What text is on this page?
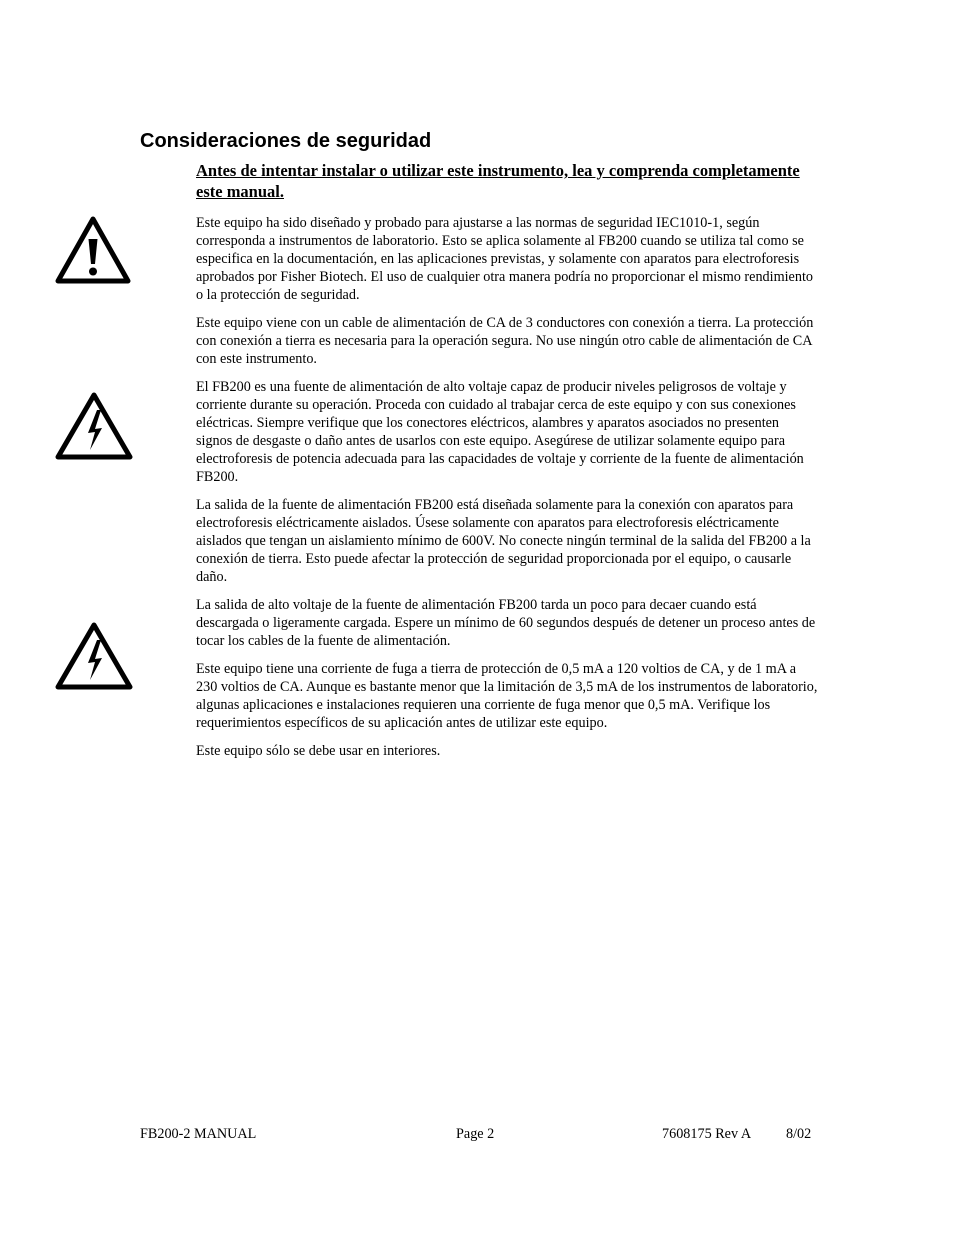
Consideraciones de seguridad

Antes de intentar instalar o utilizar este instrumento, lea y comprenda completamente este manual.

Este equipo ha sido diseñado y probado para ajustarse a las normas de seguridad IEC1010-1, según corresponda a instrumentos de laboratorio. Esto se aplica solamente al FB200 cuando se utiliza tal como se especifica en la documentación, en las aplicaciones previstas, y solamente con aparatos para electroforesis aprobados por Fisher Biotech. El uso de cualquier otra manera podría no proporcionar el mismo rendimiento o la protección de seguridad.

Este equipo viene con un cable de alimentación de CA de 3 conductores con conexión a tierra. La protección con conexión a tierra es necesaria para la operación segura. No use ningún otro cable de alimentación de CA con este instrumento.

El FB200 es una fuente de alimentación de alto voltaje capaz de producir niveles peligrosos de voltaje y corriente durante su operación. Proceda con cuidado al trabajar cerca de este equipo y con sus conexiones eléctricas. Siempre verifique que los conectores eléctricos, alambres y aparatos asociados no presenten signos de desgaste o daño antes de usarlos con este equipo. Asegúrese de utilizar solamente equipo para electroforesis de potencia adecuada para las capacidades de voltaje y corriente de la fuente de alimentación FB200.

La salida de la fuente de alimentación FB200 está diseñada solamente para la conexión con aparatos para electroforesis eléctricamente aislados. Úsese solamente con aparatos para electroforesis eléctricamente aislados que tengan un aislamiento mínimo de 600V. No conecte ningún terminal de la salida del FB200 a la conexión de tierra. Esto puede afectar la protección de seguridad proporcionada por el equipo, o causarle daño.

La salida de alto voltaje de la fuente de alimentación FB200 tarda un poco para decaer cuando está descargada o ligeramente cargada. Espere un mínimo de 60 segundos después de detener un proceso antes de tocar los cables de la fuente de alimentación.

Este equipo tiene una corriente de fuga a tierra de protección de 0,5 mA a 120 voltios de CA, y de 1 mA a 230 voltios de CA. Aunque es bastante menor que la limitación de 3,5 mA de los instrumentos de laboratorio, algunas aplicaciones e instalaciones requieren una corriente de fuga menor que 0,5 mA. Verifique los requerimientos específicos de su aplicación antes de utilizar este equipo.

Este equipo sólo se debe usar en interiores.

FB200-2 MANUAL	Page 2	7608175 Rev A 8/02
